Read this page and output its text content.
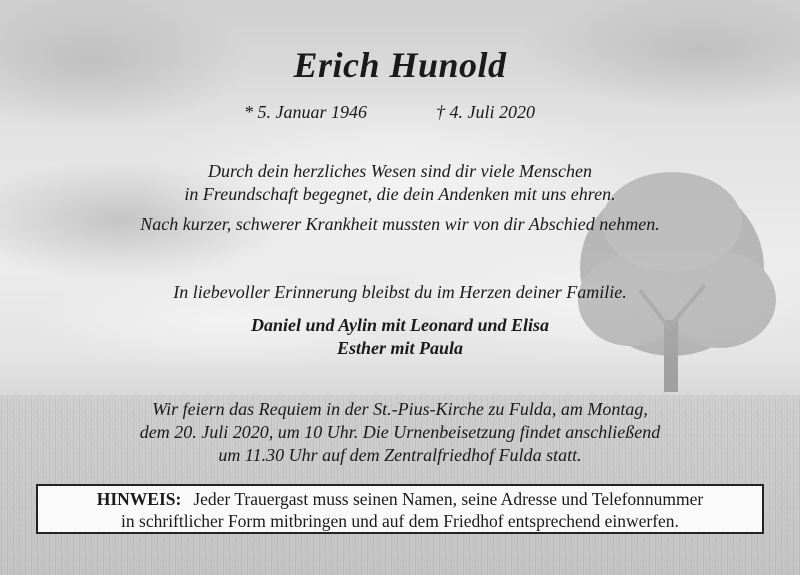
Erich Hunold
* 5. Januar 1946	† 4. Juli 2020
Durch dein herzliches Wesen sind dir viele Menschen
in Freundschaft begegnet, die dein Andenken mit uns ehren.
Nach kurzer, schwerer Krankheit mussten wir von dir Abschied nehmen.
In liebevoller Erinnerung bleibst du im Herzen deiner Familie.
Daniel und Aylin mit Leonard und Elisa
Esther mit Paula
Wir feiern das Requiem in der St.-Pius-Kirche zu Fulda, am Montag,
dem 20. Juli 2020, um 10 Uhr. Die Urnenbeisetzung findet anschließend
um 11.30 Uhr auf dem Zentralfriedhof Fulda statt.
HINWEIS: Jeder Trauergast muss seinen Namen, seine Adresse und Telefonnummer
in schriftlicher Form mitbringen und auf dem Friedhof entsprechend einwerfen.
